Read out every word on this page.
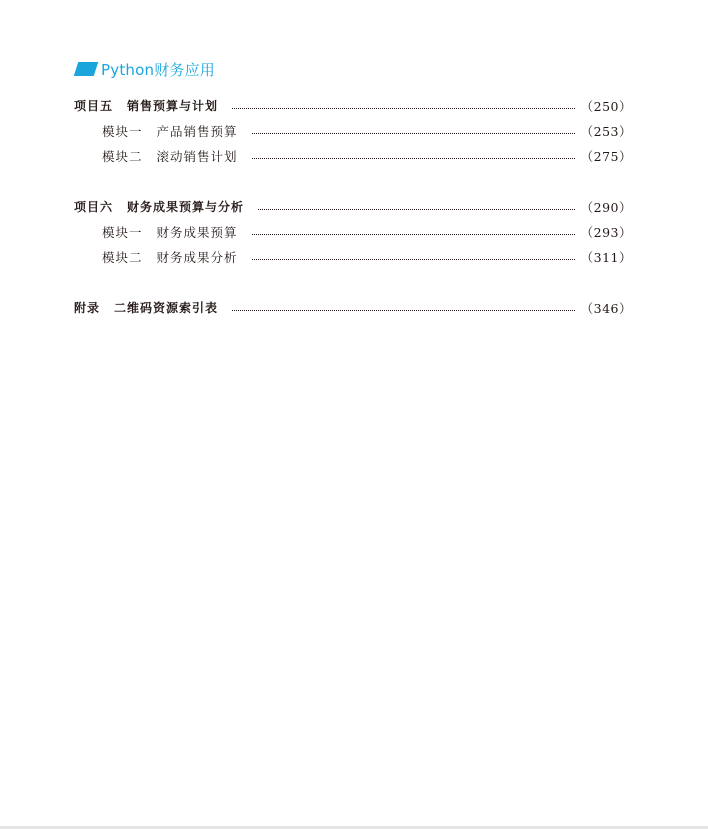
Python财务应用
项目五 销售预算与计划	（250）
模块一 产品销售预算	（253）
模块二 滚动销售计划	（275）
项目六 财务成果预算与分析	（290）
模块一 财务成果预算	（293）
模块二 财务成果分析	（311）
附录 二维码资源索引表	（346）
